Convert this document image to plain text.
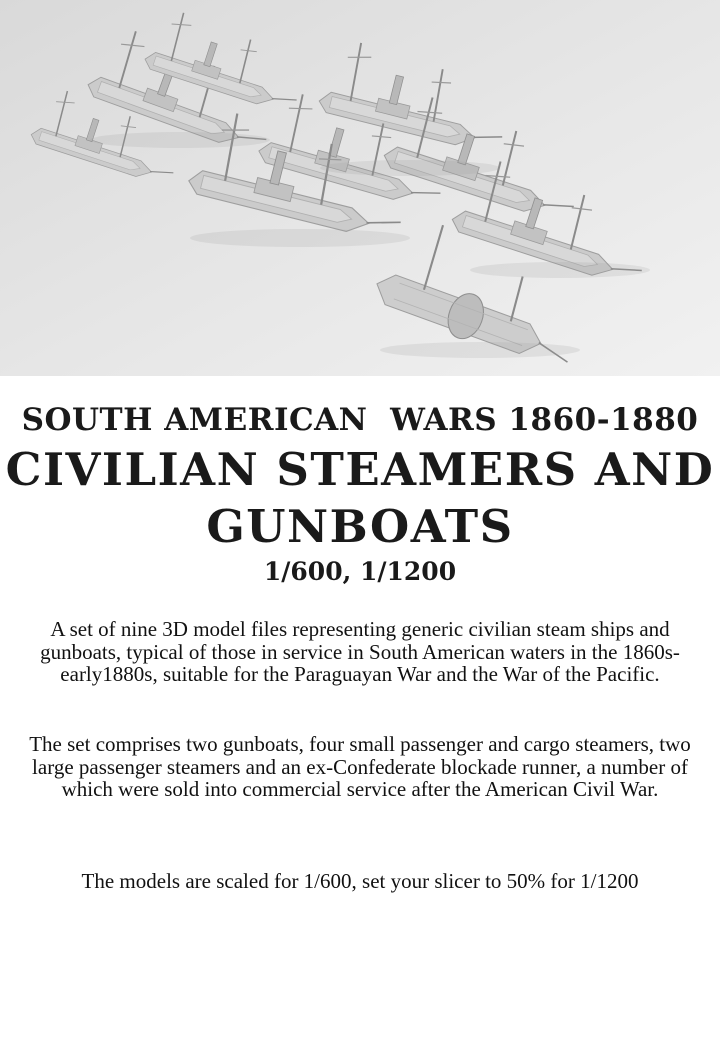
SOUTH AMERICAN  WARS 1860-1880
CIVILIAN STEAMERS AND
GUNBOATS
1/600, 1/1200
A set of nine 3D model files representing generic civilian steam ships and gunboats, typical of those in service in South American waters in the 1860s-early1880s, suitable for the Paraguayan War and the War of the Pacific.
The set comprises two gunboats, four small passenger and cargo steamers, two large passenger steamers and an ex-Confederate blockade runner, a number of which were sold into commercial service after the American Civil War.
The models are scaled for 1/600, set your slicer to 50% for 1/1200
